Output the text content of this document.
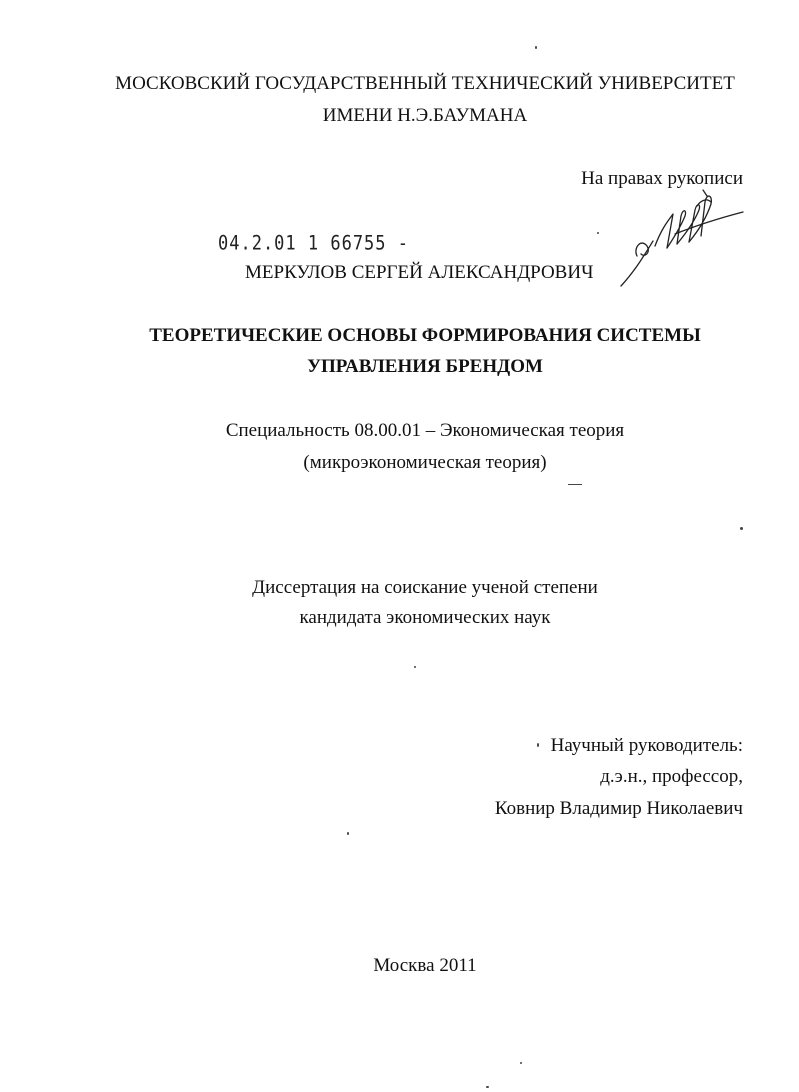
МОСКОВСКИЙ ГОСУДАРСТВЕННЫЙ ТЕХНИЧЕСКИЙ УНИВЕРСИТЕТ
ИМЕНИ Н.Э.БАУМАНА
На правах рукописи
04.2.01 1 66755 -
МЕРКУЛОВ СЕРГЕЙ АЛЕКСАНДРОВИЧ
ТЕОРЕТИЧЕСКИЕ ОСНОВЫ ФОРМИРОВАНИЯ СИСТЕМЫ
УПРАВЛЕНИЯ БРЕНДОМ
Специальность 08.00.01 – Экономическая теория
(микроэкономическая теория)
Диссертация на соискание ученой степени
кандидата экономических наук
Научный руководитель:
д.э.н., профессор,
Ковнир Владимир Николаевич
Москва 2011
